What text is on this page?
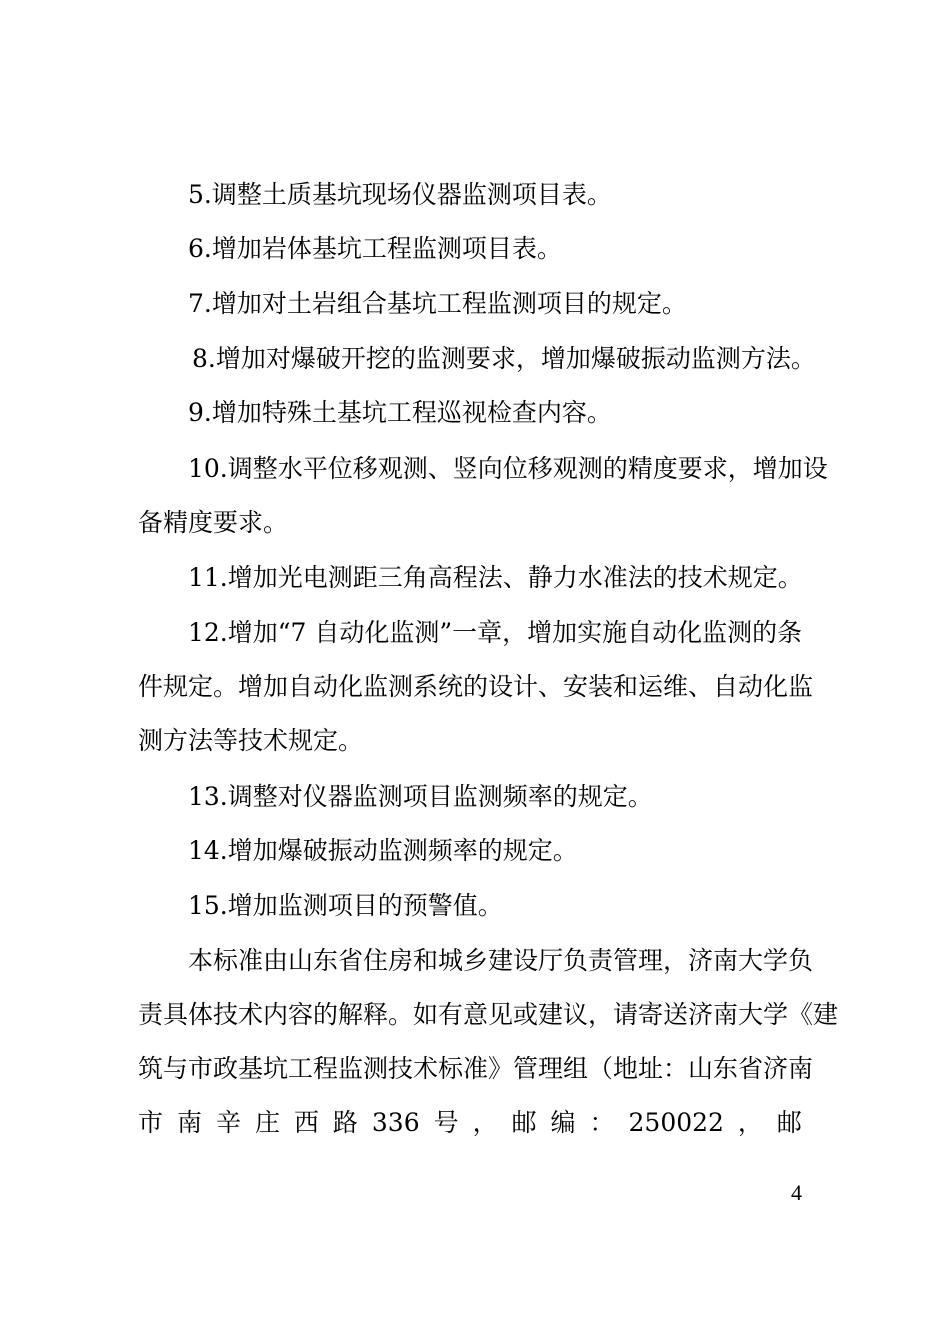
5.调整土质基坑现场仪器监测项目表。

6.增加岩体基坑工程监测项目表。

7.增加对土岩组合基坑工程监测项目的规定。

8.增加对爆破开挖的监测要求，增加爆破振动监测方法。

9.增加特殊土基坑工程巡视检查内容。

10.调整水平位移观测、竖向位移观测的精度要求，增加设
备精度要求。

11.增加光电测距三角高程法、静力水准法的技术规定。

12.增加“7 自动化监测”一章，增加实施自动化监测的条
件规定。增加自动化监测系统的设计、安装和运维、自动化监
测方法等技术规定。

13.调整对仪器监测项目监测频率的规定。

14.增加爆破振动监测频率的规定。

15.增加监测项目的预警值。

本标准由山东省住房和城乡建设厅负责管理，济南大学负
责具体技术内容的解释。如有意见或建议，请寄送济南大学《建
筑与市政基坑工程监测技术标准》管理组（地址：山东省济南
市 南 辛 庄 西 路 336 号 ， 邮 编 ： 250022 ， 邮

4
